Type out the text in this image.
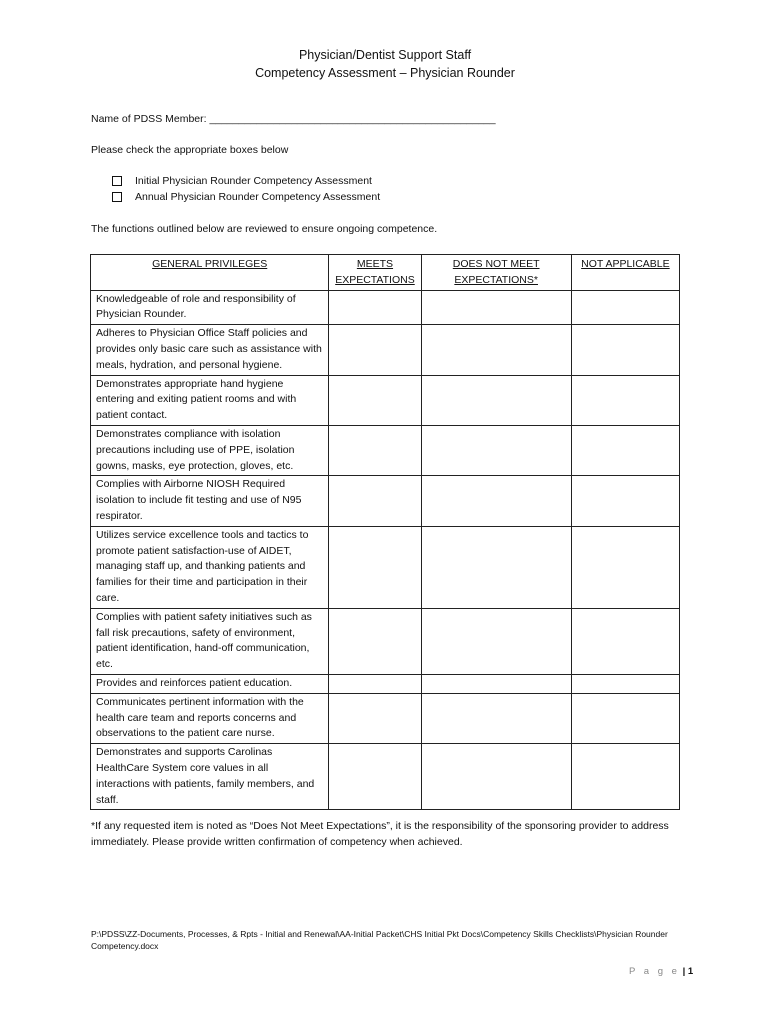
Physician/Dentist Support Staff
Competency Assessment – Physician Rounder
Name of PDSS Member: _________________________________________________
Please check the appropriate boxes below
Initial Physician Rounder Competency Assessment
Annual Physician Rounder Competency Assessment
The functions outlined below are reviewed to ensure ongoing competence.
GENERAL PRIVILEGES	MEETS EXPECTATIONS	DOES NOT MEET EXPECTATIONS*	NOT APPLICABLE
Knowledgeable of role and responsibility of Physician Rounder.			
Adheres to Physician Office Staff policies and provides only basic care such as assistance with meals, hydration, and personal hygiene.			
Demonstrates appropriate hand hygiene entering and exiting patient rooms and with patient contact.			
Demonstrates compliance with isolation precautions including use of PPE, isolation gowns, masks, eye protection, gloves, etc.			
Complies with Airborne NIOSH Required isolation to include fit testing and use of N95 respirator.			
Utilizes service excellence tools and tactics to promote patient satisfaction-use of AIDET, managing staff up, and thanking patients and families for their time and participation in their care.			
Complies with patient safety initiatives such as fall risk precautions, safety of environment, patient identification, hand-off communication, etc.			
Provides and reinforces patient education.			
Communicates pertinent information with the health care team and reports concerns and observations to the patient care nurse.			
Demonstrates and supports Carolinas HealthCare System core values in all interactions with patients, family members, and staff.			
*If any requested item is noted as “Does Not Meet Expectations”, it is the responsibility of the sponsoring provider to address immediately. Please provide written confirmation of competency when achieved.
P:\PDSS\ZZ-Documents, Processes, & Rpts - Initial and Renewal\AA-Initial Packet\CHS Initial Pkt Docs\Competency Skills Checklists\Physician Rounder Competency.docx
P a g e | 1
